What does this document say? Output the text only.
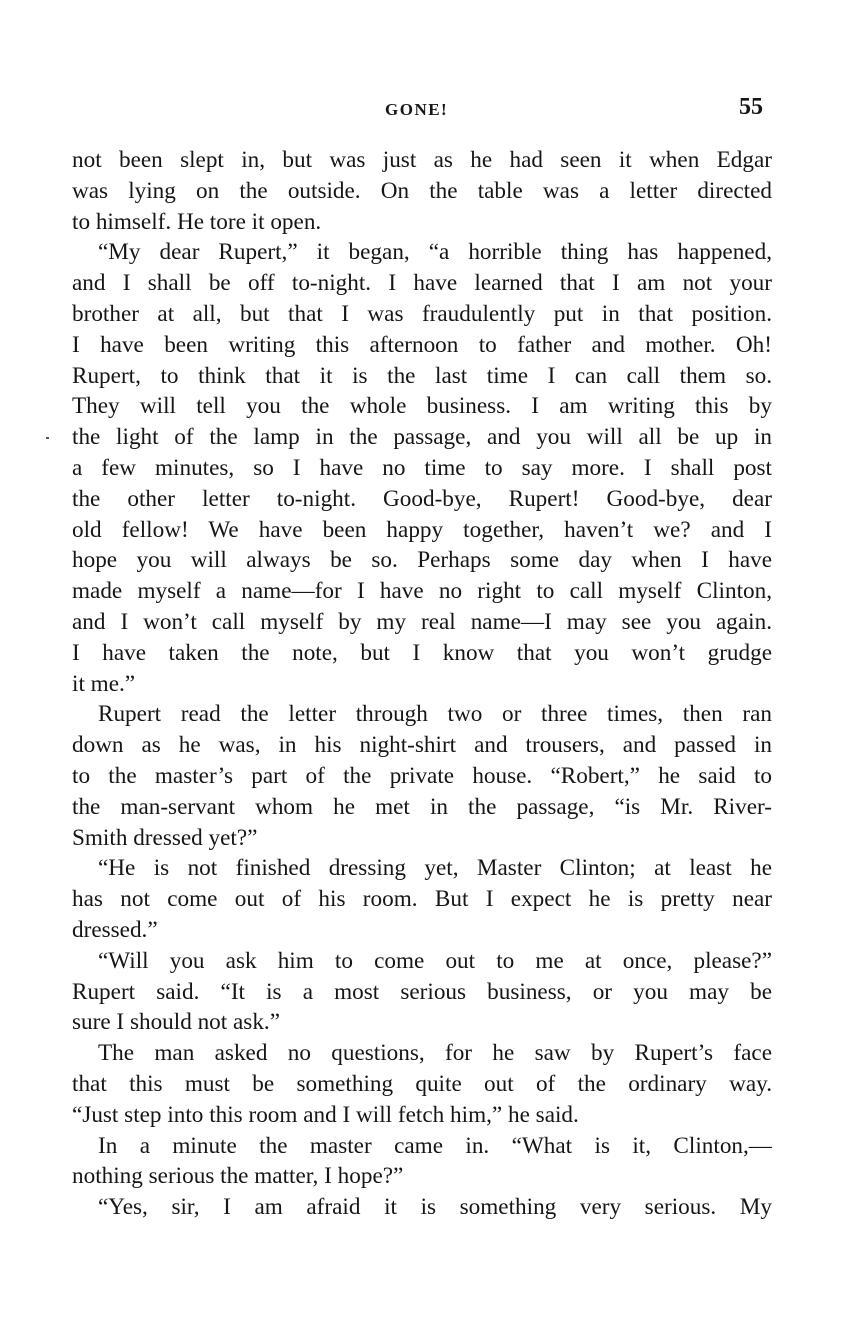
GONE!	55
not been slept in, but was just as he had seen it when Edgar
was lying on the outside. On the table was a letter directed
to himself. He tore it open.
“My dear Rupert,” it began, “a horrible thing has happened,
and I shall be off to-night. I have learned that I am not your
brother at all, but that I was fraudulently put in that position.
I have been writing this afternoon to father and mother. Oh!
Rupert, to think that it is the last time I can call them so.
They will tell you the whole business. I am writing this by
the light of the lamp in the passage, and you will all be up in
a few minutes, so I have no time to say more. I shall post
the other letter to-night. Good-bye, Rupert! Good-bye, dear
old fellow! We have been happy together, haven’t we? and I
hope you will always be so. Perhaps some day when I have
made myself a name—for I have no right to call myself Clinton,
and I won’t call myself by my real name—I may see you again.
I have taken the note, but I know that you won’t grudge
it me.”
Rupert read the letter through two or three times, then ran
down as he was, in his night-shirt and trousers, and passed in
to the master’s part of the private house. “Robert,” he said to
the man-servant whom he met in the passage, “is Mr. River-
Smith dressed yet?”
“He is not finished dressing yet, Master Clinton; at least he
has not come out of his room. But I expect he is pretty near
dressed.”
“Will you ask him to come out to me at once, please?”
Rupert said. “It is a most serious business, or you may be
sure I should not ask.”
The man asked no questions, for he saw by Rupert’s face
that this must be something quite out of the ordinary way.
“Just step into this room and I will fetch him,” he said.
In a minute the master came in. “What is it, Clinton,—
nothing serious the matter, I hope?”
“Yes, sir, I am afraid it is something very serious. My
